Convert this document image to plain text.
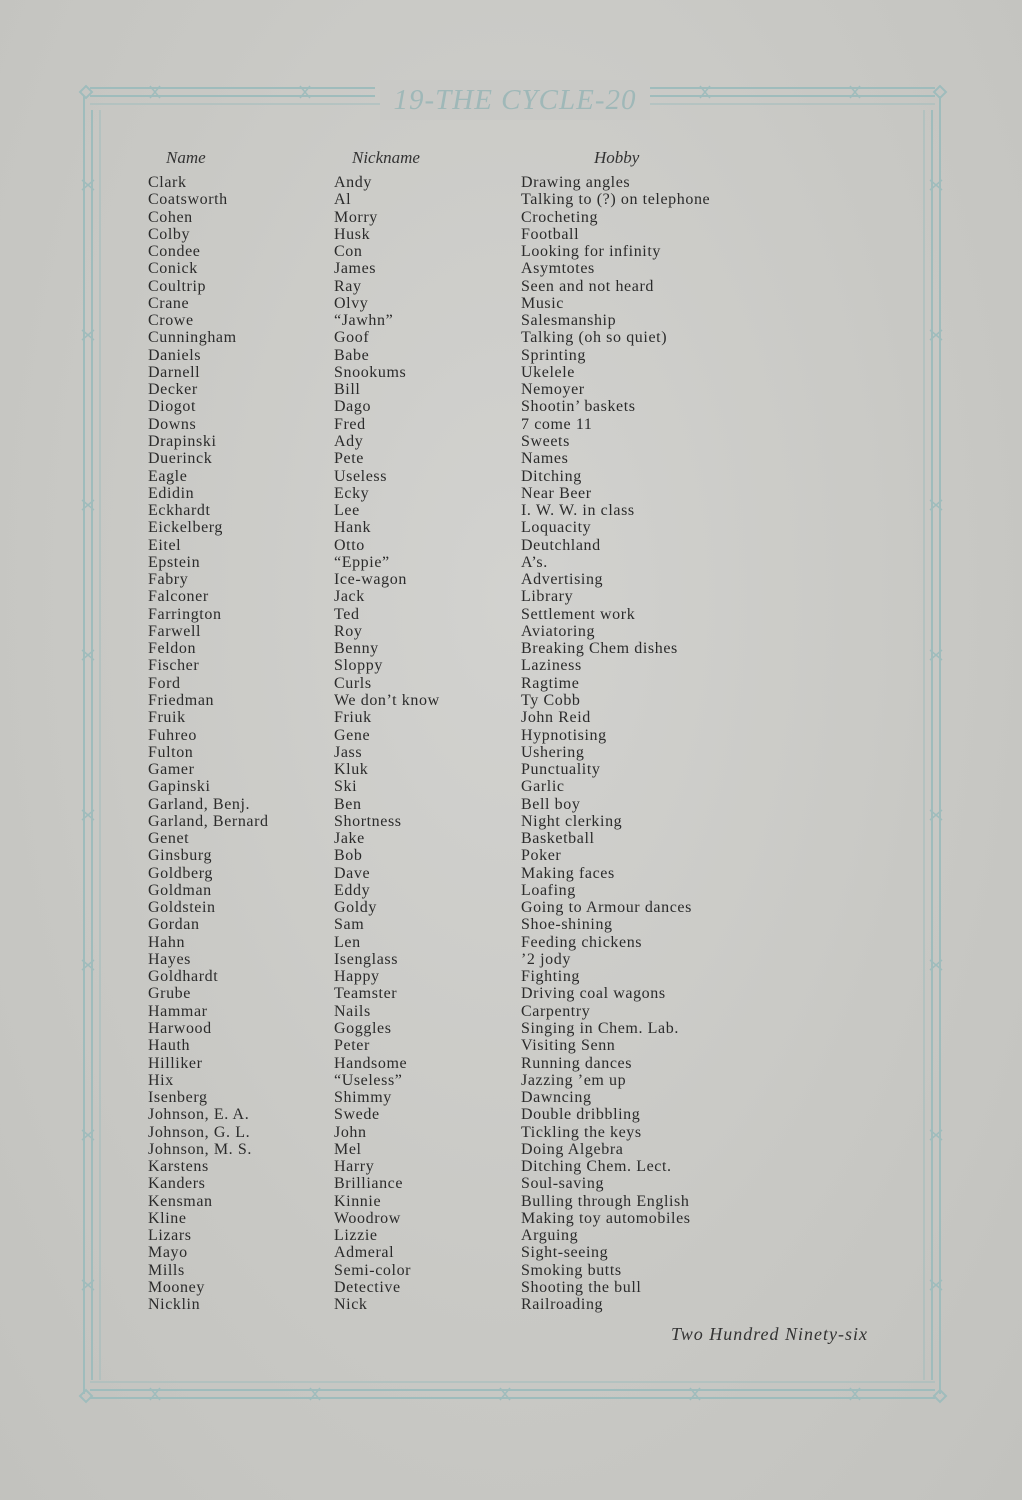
19-THE CYCLE-20
Name	Nickname	Hobby
Clark
Coatsworth
Cohen
Colby
Condee
Conick
Coultrip
Crane
Crowe
Cunningham
Daniels
Darnell
Decker
Diogot
Downs
Drapinski
Duerinck
Eagle
Edidin
Eckhardt
Eickelberg
Eitel
Epstein
Fabry
Falconer
Farrington
Farwell
Feldon
Fischer
Ford
Friedman
Fruik
Fuhreo
Fulton
Gamer
Gapinski
Garland, Benj.
Garland, Bernard
Genet
Ginsburg
Goldberg
Goldman
Goldstein
Gordan
Hahn
Hayes
Goldhardt
Grube
Hammar
Harwood
Hauth
Hilliker
Hix
Isenberg
Johnson, E. A.
Johnson, G. L.
Johnson, M. S.
Karstens
Kanders
Kensman
Kline
Lizars
Mayo
Mills
Mooney
Nicklin
Andy
Al
Morry
Husk
Con
James
Ray
Olvy
“Jawhn”
Goof
Babe
Snookums
Bill
Dago
Fred
Ady
Pete
Useless
Ecky
Lee
Hank
Otto
“Eppie”
Ice-wagon
Jack
Ted
Roy
Benny
Sloppy
Curls
We don’t know
Friuk
Gene
Jass
Kluk
Ski
Ben
Shortness
Jake
Bob
Dave
Eddy
Goldy
Sam
Len
Isenglass
Happy
Teamster
Nails
Goggles
Peter
Handsome
“Useless”
Shimmy
Swede
John
Mel
Harry
Brilliance
Kinnie
Woodrow
Lizzie
Admeral
Semi-color
Detective
Nick
Drawing angles
Talking to (?) on telephone
Crocheting
Football
Looking for infinity
Asymtotes
Seen and not heard
Music
Salesmanship
Talking (oh so quiet)
Sprinting
Ukelele
Nemoyer
Shootin’ baskets
7 come 11
Sweets
Names
Ditching
Near Beer
I. W. W. in class
Loquacity
Deutchland
A’s.
Advertising
Library
Settlement work
Aviatoring
Breaking Chem dishes
Laziness
Ragtime
Ty Cobb
John Reid
Hypnotising
Ushering
Punctuality
Garlic
Bell boy
Night clerking
Basketball
Poker
Making faces
Loafing
Going to Armour dances
Shoe-shining
Feeding chickens
’2 jody
Fighting
Driving coal wagons
Carpentry
Singing in Chem. Lab.
Visiting Senn
Running dances
Jazzing ’em up
Dawncing
Double dribbling
Tickling the keys
Doing Algebra
Ditching Chem. Lect.
Soul-saving
Bulling through English
Making toy automobiles
Arguing
Sight-seeing
Smoking butts
Shooting the bull
Railroading
Two Hundred Ninety-six
